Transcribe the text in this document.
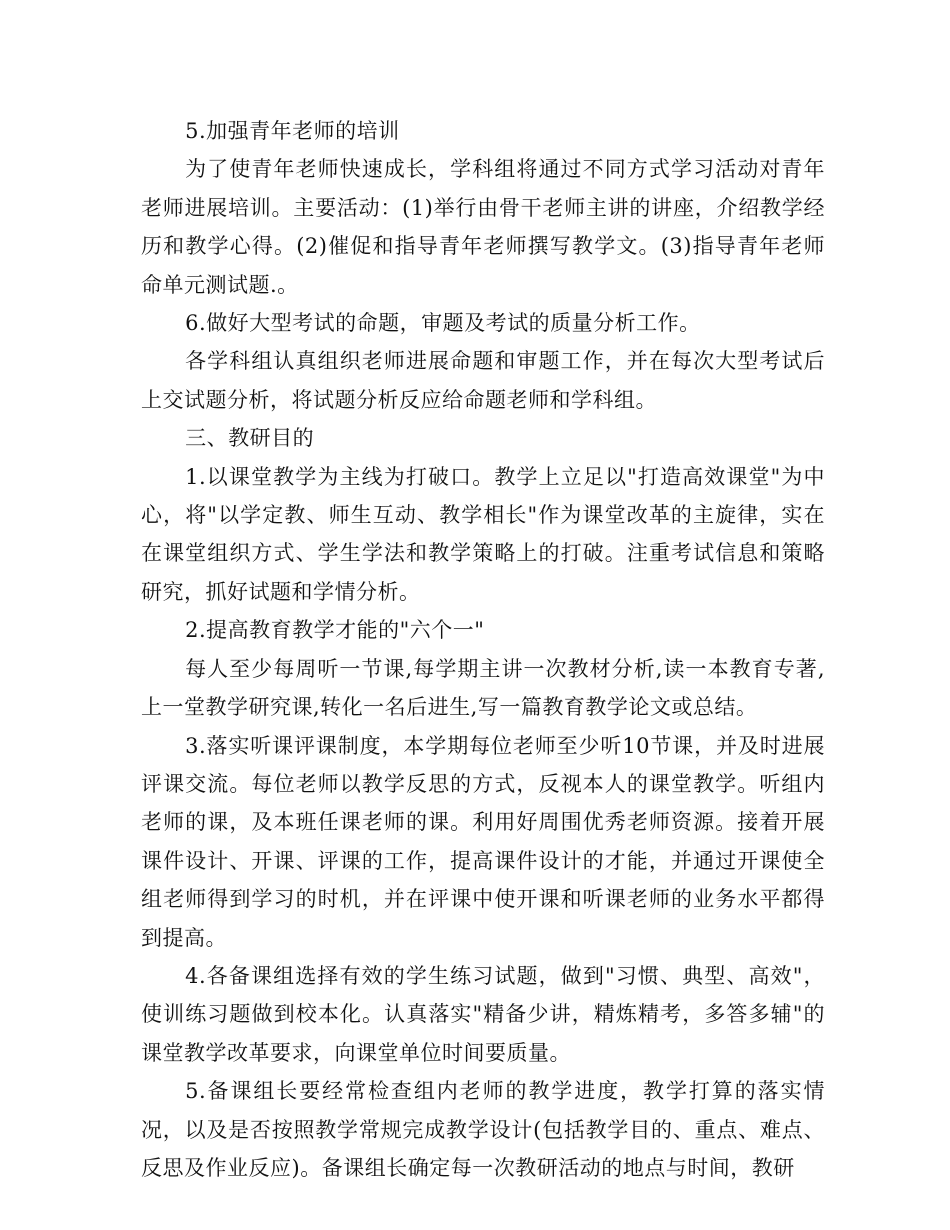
5.加强青年老师的培训

为了使青年老师快速成长，学科组将通过不同方式学习活动对青年老师进展培训。主要活动：(1)举行由骨干老师主讲的讲座，介绍教学经历和教学心得。(2)催促和指导青年老师撰写教学文。(3)指导青年老师命单元测试题.。

6.做好大型考试的命题，审题及考试的质量分析工作。

各学科组认真组织老师进展命题和审题工作，并在每次大型考试后上交试题分析，将试题分析反应给命题老师和学科组。

三、教研目的

1.以课堂教学为主线为打破口。教学上立足以"打造高效课堂"为中心，将"以学定教、师生互动、教学相长"作为课堂改革的主旋律，实在在课堂组织方式、学生学法和教学策略上的打破。注重考试信息和策略研究，抓好试题和学情分析。

2.提高教育教学才能的"六个一"

每人至少每周听一节课,每学期主讲一次教材分析,读一本教育专著,上一堂教学研究课,转化一名后进生,写一篇教育教学论文或总结。

3.落实听课评课制度，本学期每位老师至少听10节课，并及时进展评课交流。每位老师以教学反思的方式，反视本人的课堂教学。听组内老师的课，及本班任课老师的课。利用好周围优秀老师资源。接着开展课件设计、开课、评课的工作，提高课件设计的才能，并通过开课使全组老师得到学习的时机，并在评课中使开课和听课老师的业务水平都得到提高。

4.各备课组选择有效的学生练习试题，做到"习惯、典型、高效"，使训练习题做到校本化。认真落实"精备少讲，精炼精考，多答多辅"的课堂教学改革要求，向课堂单位时间要质量。

5.备课组长要经常检查组内老师的教学进度，教学打算的落实情况，以及是否按照教学常规完成教学设计(包括教学目的、重点、难点、反思及作业反应)。备课组长确定每一次教研活动的地点与时间，教研
